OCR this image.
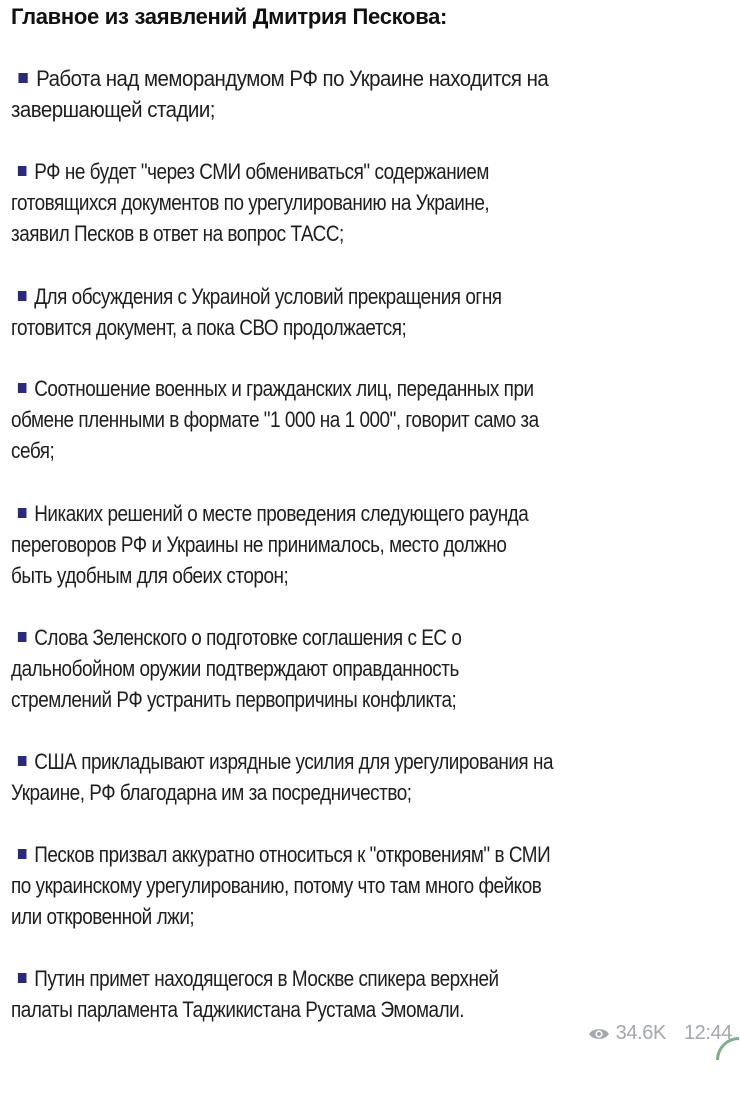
Главное из заявлений Дмитрия Пескова:
Работа над меморандумом РФ по Украине находится на
завершающей стадии;
РФ не будет "через СМИ обмениваться" содержанием
готовящихся документов по урегулированию на Украине,
заявил Песков в ответ на вопрос ТАСС;
Для обсуждения с Украиной условий прекращения огня
готовится документ, а пока СВО продолжается;
Соотношение военных и гражданских лиц, переданных при
обмене пленными в формате "1 000 на 1 000", говорит само за
себя;
Никаких решений о месте проведения следующего раунда
переговоров РФ и Украины не принималось, место должно
быть удобным для обеих сторон;
Слова Зеленского о подготовке соглашения с ЕС о
дальнобойном оружии подтверждают оправданность
стремлений РФ устранить первопричины конфликта;
США прикладывают изрядные усилия для урегулирования на
Украине, РФ благодарна им за посредничество;
Песков призвал аккуратно относиться к "откровениям" в СМИ
по украинскому урегулированию, потому что там много фейков
или откровенной лжи;
Путин примет находящегося в Москве спикера верхней
палаты парламента Таджикистана Рустама Эмомали.
34.6K 12:44
